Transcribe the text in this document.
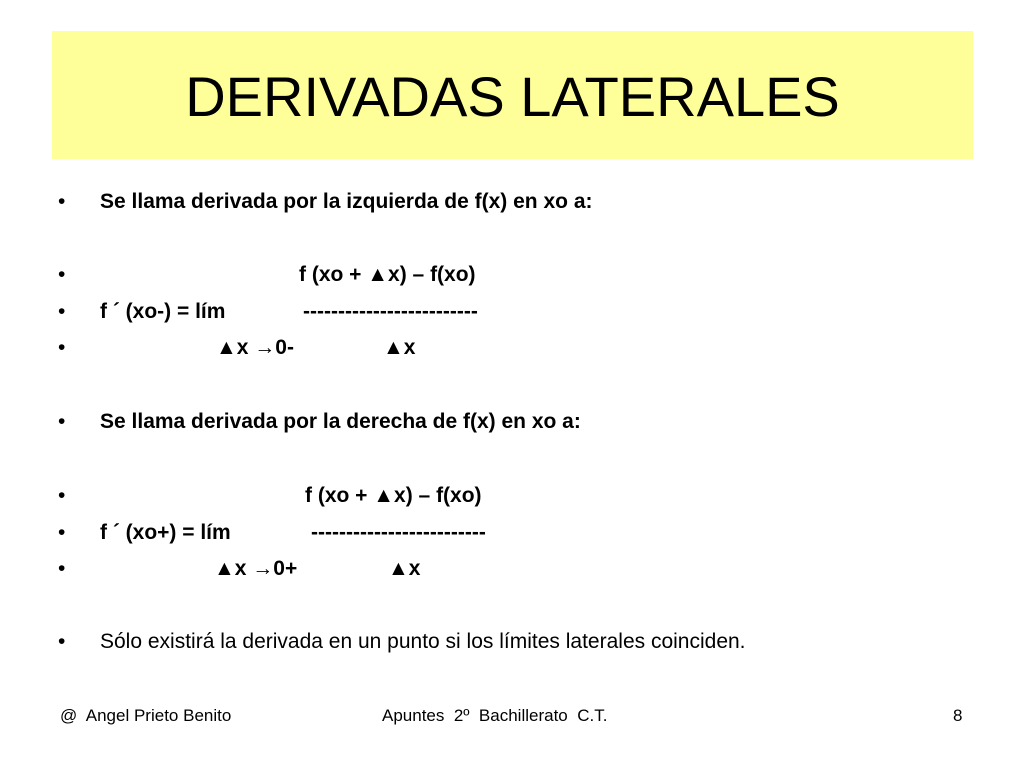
DERIVADAS LATERALES
• Se llama derivada por la izquierda de f(x) en xo a:
•	f (xo + ▲x) – f(xo)
• f ´ (xo-) = lím	-------------------------
•	▲x →0-	▲x
• Se llama derivada por la derecha de f(x) en xo a:
•	f (xo + ▲x) – f(xo)
• f ´ (xo+) = lím	-------------------------
•	▲x →0+	▲x
• Sólo existirá la derivada en un punto si los límites laterales coinciden.
@  Angel Prieto Benito	Apuntes  2º  Bachillerato  C.T.	8
